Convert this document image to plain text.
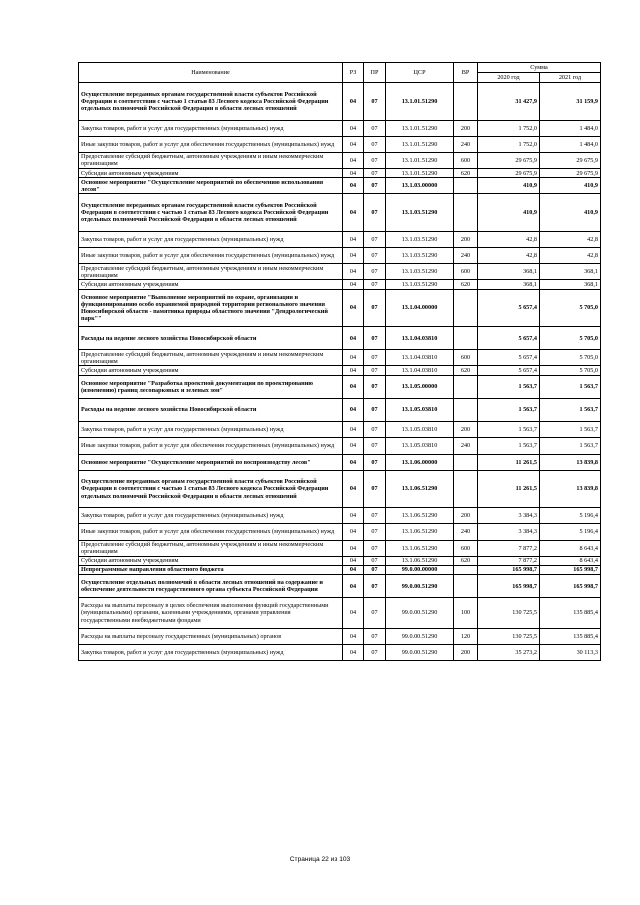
Наименование	РЗ	ПР	ЦСР	ВР	Сумма	
					2020 год	2021 год
Осуществление переданных органам государственной власти субъектов Российской Федерации в соответствии с частью 1 статьи 83 Лесного кодекса Российской Федерации отдельных полномочий Российской Федерации в области лесных отношений	04	07	13.1.01.51290		31 427,9	31 159,9
Закупка товаров, работ и услуг для государственных (муниципальных) нужд	04	07	13.1.01.51290	200	1 752,0	1 484,0
Иные закупки товаров, работ и услуг для обеспечения государственных (муниципальных) нужд	04	07	13.1.01.51290	240	1 752,0	1 484,0
Предоставление субсидий бюджетным, автономным учреждениям и иным некоммерческим организациям	04	07	13.1.01.51290	600	29 675,9	29 675,9
Субсидии автономным учреждениям	04	07	13.1.01.51290	620	29 675,9	29 675,9
Основное мероприятие "Осуществление мероприятий по обеспечению использования лесов"	04	07	13.1.03.00000		410,9	410,9
Осуществление переданных органам государственной власти субъектов Российской Федерации в соответствии с частью 1 статьи 83 Лесного кодекса Российской Федерации отдельных полномочий Российской Федерации в области лесных отношений	04	07	13.1.03.51290		410,9	410,9
Закупка товаров, работ и услуг для государственных (муниципальных) нужд	04	07	13.1.03.51290	200	42,8	42,8
Иные закупки товаров, работ и услуг для обеспечения государственных (муниципальных) нужд	04	07	13.1.03.51290	240	42,8	42,8
Предоставление субсидий бюджетным, автономным учреждениям и иным некоммерческим организациям	04	07	13.1.03.51290	600	368,1	368,1
Субсидии автономным учреждениям	04	07	13.1.03.51290	620	368,1	368,1
Основное мероприятие "Выполнение мероприятий по охране, организации и функционированию особо охраняемой природной территории регионального значения Новосибирской области - памятника природы областного значения "Дендрологический парк""	04	07	13.1.04.00000		5 657,4	5 705,0
Расходы на ведение лесного хозяйства Новосибирской области	04	07	13.1.04.03810		5 657,4	5 705,0
Предоставление субсидий бюджетным, автономным учреждениям и иным некоммерческим организациям	04	07	13.1.04.03810	600	5 657,4	5 705,0
Субсидии автономным учреждениям	04	07	13.1.04.03810	620	5 657,4	5 705,0
Основное мероприятие "Разработка проектной документации по проектированию (изменению) границ лесопарковых и зеленых зон"	04	07	13.1.05.00000		1 563,7	1 563,7
Расходы на ведение лесного хозяйства Новосибирской области	04	07	13.1.05.03810		1 563,7	1 563,7
Закупка товаров, работ и услуг для государственных (муниципальных) нужд	04	07	13.1.05.03810	200	1 563,7	1 563,7
Иные закупки товаров, работ и услуг для обеспечения государственных (муниципальных) нужд	04	07	13.1.05.03810	240	1 563,7	1 563,7
Основное мероприятие "Осуществление мероприятий по воспроизводству лесов"	04	07	13.1.06.00000		11 261,5	13 839,8
Осуществление переданных органам государственной власти субъектов Российской Федерации в соответствии с частью 1 статьи 83 Лесного кодекса Российской Федерации отдельных полномочий Российской Федерации в области лесных отношений	04	07	13.1.06.51290		11 261,5	13 839,8
Закупка товаров, работ и услуг для государственных (муниципальных) нужд	04	07	13.1.06.51290	200	3 384,3	5 196,4
Иные закупки товаров, работ и услуг для обеспечения государственных (муниципальных) нужд	04	07	13.1.06.51290	240	3 384,3	5 196,4
Предоставление субсидий бюджетным, автономным учреждениям и иным некоммерческим организациям	04	07	13.1.06.51290	600	7 877,2	8 643,4
Субсидии автономным учреждениям	04	07	13.1.06.51290	620	7 877,2	8 643,4
Непрограммные направления областного бюджета	04	07	99.0.00.00000		165 998,7	165 998,7
Осуществление отдельных полномочий в области лесных отношений на содержание и обеспечение деятельности государственного органа субъекта Российской Федерации	04	07	99.0.00.51290		165 998,7	165 998,7
Расходы на выплаты персоналу в целях обеспечения выполнения функций государственными (муниципальными) органами, казенными учреждениями, органами управления государственными внебюджетными фондами	04	07	99.0.00.51290	100	130 725,5	135 885,4
Расходы на выплаты персоналу государственных (муниципальных) органов	04	07	99.0.00.51290	120	130 725,5	135 885,4
Закупка товаров, работ и услуг для государственных (муниципальных) нужд	04	07	99.0.00.51290	200	35 273,2	30 113,3
Страница 22 из 103
